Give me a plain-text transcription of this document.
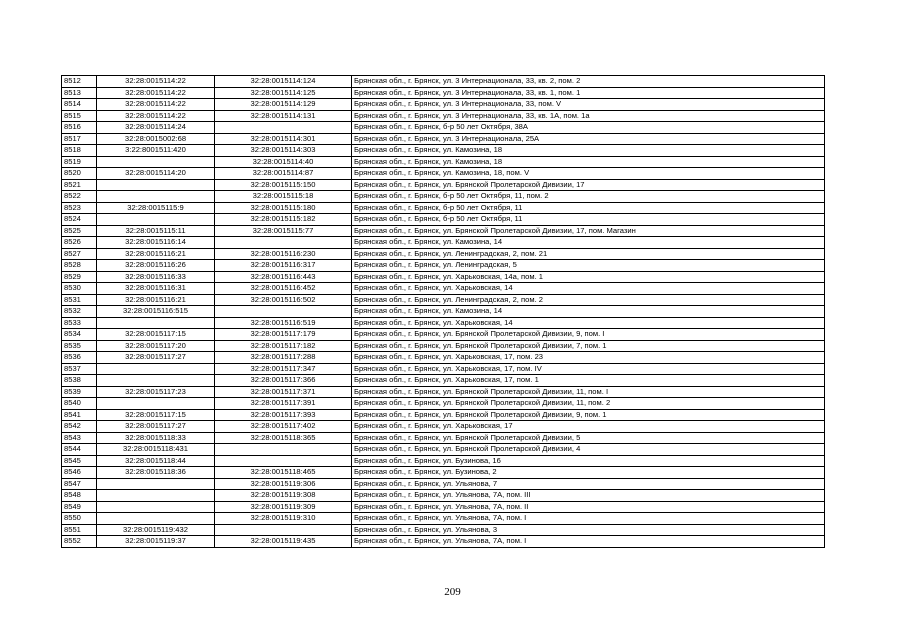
8512	32:28:0015114:22	32:28:0015114:124	Брянская обл., г. Брянск, ул. 3 Интернационала, 33, кв. 2, пом. 2
8513	32:28:0015114:22	32:28:0015114:125	Брянская обл., г. Брянск, ул. 3 Интернационала, 33, кв. 1, пом. 1
8514	32:28:0015114:22	32:28:0015114:129	Брянская обл., г. Брянск, ул. 3 Интернационала, 33, пом. V
8515	32:28:0015114:22	32:28:0015114:131	Брянская обл., г. Брянск, ул. 3 Интернационала, 33, кв. 1А, пом. 1а
8516	32:28:0015114:24		Брянская обл., г. Брянск, б-р 50 лет Октября, 38А
8517	32:28:0015002:68	32:28:0015114:301	Брянская обл., г. Брянск, ул. 3 Интернационала, 25А
8518	3:22:8001511:420	32:28:0015114:303	Брянская обл., г. Брянск, ул. Камозина, 18
8519		32:28:0015114:40	Брянская обл., г. Брянск, ул. Камозина, 18
8520	32:28:0015114:20	32:28:0015114:87	Брянская обл., г. Брянск, ул. Камозина, 18, пом. V
8521		32:28:0015115:150	Брянская обл., г. Брянск, ул. Брянской Пролетарской Дивизии, 17
8522		32:28:0015115:18	Брянская обл., г. Брянск, б-р 50 лет Октября, 11, пом. 2
8523	32:28:0015115:9	32:28:0015115:180	Брянская обл., г. Брянск, б-р 50 лет Октября, 11
8524		32:28:0015115:182	Брянская обл., г. Брянск, б-р 50 лет Октября, 11
8525	32:28:0015115:11	32:28:0015115:77	Брянская обл., г. Брянск, ул. Брянской Пролетарской Дивизии, 17, пом. Магазин
8526	32:28:0015116:14		Брянская обл., г. Брянск, ул. Камозина, 14
8527	32:28:0015116:21	32:28:0015116:230	Брянская обл., г. Брянск, ул. Ленинградская, 2, пом. 21
8528	32:28:0015116:26	32:28:0015116:317	Брянская обл., г. Брянск, ул. Ленинградская, 5
8529	32:28:0015116:33	32:28:0015116:443	Брянская обл., г. Брянск, ул. Харьковская, 14а, пом. 1
8530	32:28:0015116:31	32:28:0015116:452	Брянская обл., г. Брянск, ул. Харьковская, 14
8531	32:28:0015116:21	32:28:0015116:502	Брянская обл., г. Брянск, ул. Ленинградская, 2, пом. 2
8532	32:28:0015116:515		Брянская обл., г. Брянск, ул. Камозина, 14
8533		32:28:0015116:519	Брянская обл., г. Брянск, ул. Харьковская, 14
8534	32:28:0015117:15	32:28:0015117:179	Брянская обл., г. Брянск, ул. Брянской Пролетарской Дивизии, 9, пом. I
8535	32:28:0015117:20	32:28:0015117:182	Брянская обл., г. Брянск, ул. Брянской Пролетарской Дивизии, 7, пом. 1
8536	32:28:0015117:27	32:28:0015117:288	Брянская обл., г. Брянск, ул. Харьковская, 17, пом. 23
8537		32:28:0015117:347	Брянская обл., г. Брянск, ул. Харьковская, 17, пом. IV
8538		32:28:0015117:366	Брянская обл., г. Брянск, ул. Харьковская, 17, пом. 1
8539	32:28:0015117:23	32:28:0015117:371	Брянская обл., г. Брянск, ул. Брянской Пролетарской Дивизии, 11, пом. I
8540		32:28:0015117:391	Брянская обл., г. Брянск, ул. Брянской Пролетарской Дивизии, 11, пом. 2
8541	32:28:0015117:15	32:28:0015117:393	Брянская обл., г. Брянск, ул. Брянской Пролетарской Дивизии, 9, пом. 1
8542	32:28:0015117:27	32:28:0015117:402	Брянская обл., г. Брянск, ул. Харьковская, 17
8543	32:28:0015118:33	32:28:0015118:365	Брянская обл., г. Брянск, ул. Брянской Пролетарской Дивизии, 5
8544	32:28:0015118:431		Брянская обл., г. Брянск, ул. Брянской Пролетарской Дивизии, 4
8545	32:28:0015118:44		Брянская обл., г. Брянск, ул. Бузинова, 16
8546	32:28:0015118:36	32:28:0015118:465	Брянская обл., г. Брянск, ул. Бузинова, 2
8547		32:28:0015119:306	Брянская обл., г. Брянск, ул. Ульянова, 7
8548		32:28:0015119:308	Брянская обл., г. Брянск, ул. Ульянова, 7А, пом. III
8549		32:28:0015119:309	Брянская обл., г. Брянск, ул. Ульянова, 7А, пом. II
8550		32:28:0015119:310	Брянская обл., г. Брянск, ул. Ульянова, 7А, пом. I
8551	32:28:0015119:432		Брянская обл., г. Брянск, ул. Ульянова, 3
8552	32:28:0015119:37	32:28:0015119:435	Брянская обл., г. Брянск, ул. Ульянова, 7А, пом. I
209
